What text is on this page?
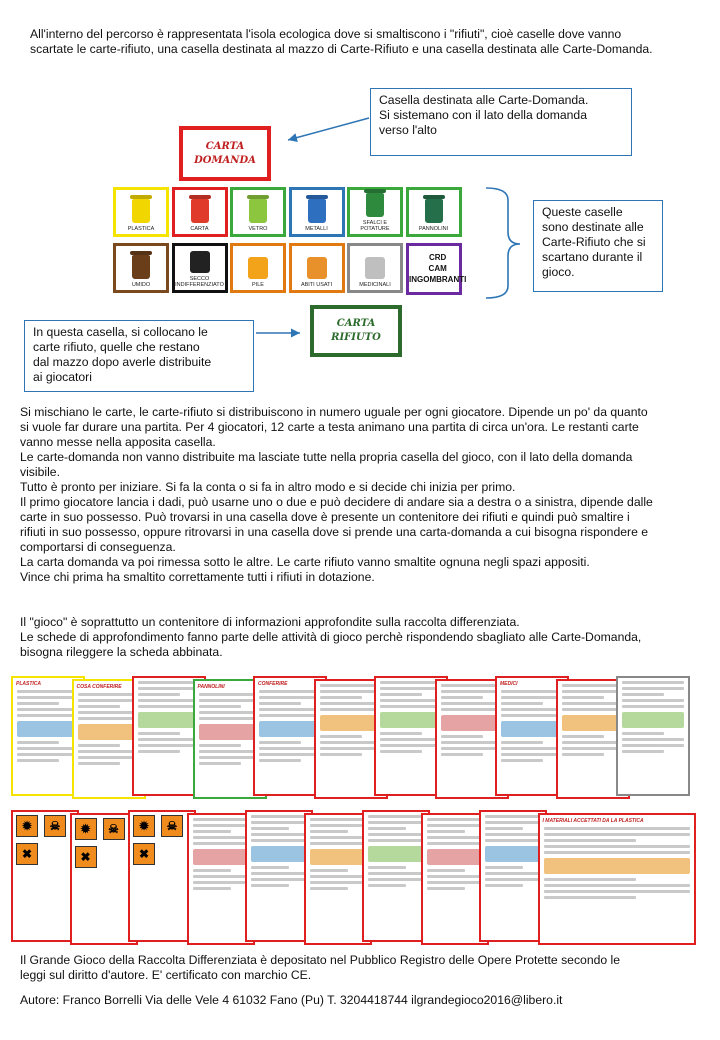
All'interno del percorso è rappresentata l'isola ecologica dove si smaltiscono i "rifiuti", cioè caselle dove vanno
scartate le carte-rifiuto, una casella destinata al mazzo di Carte-Rifiuto e una casella destinata alle Carte-Domanda.
Casella destinata alle Carte-Domanda.
Si sistemano con il lato della domanda
verso l'alto
CARTA
DOMANDA
PLASTICA	CARTA	VETRO	METALLI
SFALCI E POTATURE	PANNOLINI
UMIDO
SECCO INDIFFERENZIATO	PILE	ABITI USATI	MEDICINALI
CRD
CAM
INGOMBRANTI
Queste caselle
sono destinate alle
Carte-Rifiuto che si
scartano durante il
gioco.
In questa casella, si collocano le
carte rifiuto, quelle che restano
dal mazzo dopo averle distribuite
ai giocatori
CARTA
RIFIUTO
Si mischiano le carte, le carte-rifiuto si distribuiscono in numero uguale per ogni giocatore. Dipende un po' da quanto
si vuole far durare una partita. Per 4 giocatori, 12 carte a testa animano una partita di circa un'ora. Le restanti carte
vanno messe nella apposita casella.
Le carte-domanda non vanno distribuite ma lasciate tutte nella propria casella del gioco, con il lato della domanda
visibile.
Tutto è pronto per iniziare. Si fa la conta o si fa in altro modo e si decide chi inizia per primo.
Il primo giocatore lancia i dadi, può usarne uno o due e può decidere di andare sia a destra o a sinistra, dipende dalle
carte in suo possesso. Può trovarsi in una casella dove è presente un contenitore dei rifiuti e quindi può smaltire i
rifiuti in suo possesso, oppure ritrovarsi in una casella dove si prende una carta-domanda a cui bisogna rispondere e
comportarsi di conseguenza.
La carta domanda va poi rimessa sotto le altre. Le carte rifiuto vanno smaltite ognuna negli spazi appositi.
Vince chi prima ha smaltito correttamente tutti i rifiuti in dotazione.
Il "gioco" è soprattutto un contenitore di informazioni approfondite sulla raccolta differenziata.
Le schede di approfondimento fanno parte delle attività di gioco perchè rispondendo sbagliato alle Carte-Domanda,
bisogna rileggere la scheda abbinata.
PLASTICA	COSA CONFERIRE	PANNOLINI	CONFERIRE	MEDICI
✹ ☠✖
✹ ☠✖
✹ ☠✖
I MATERIALI ACCETTATI DA LA PLASTICA
Il Grande Gioco della Raccolta Differenziata è depositato nel Pubblico Registro delle Opere Protette secondo le
leggi sul diritto d'autore. E' certificato con marchio CE.
Autore: Franco Borrelli Via delle Vele 4 61032 Fano (Pu) T. 3204418744 ilgrandegioco2016@libero.it
